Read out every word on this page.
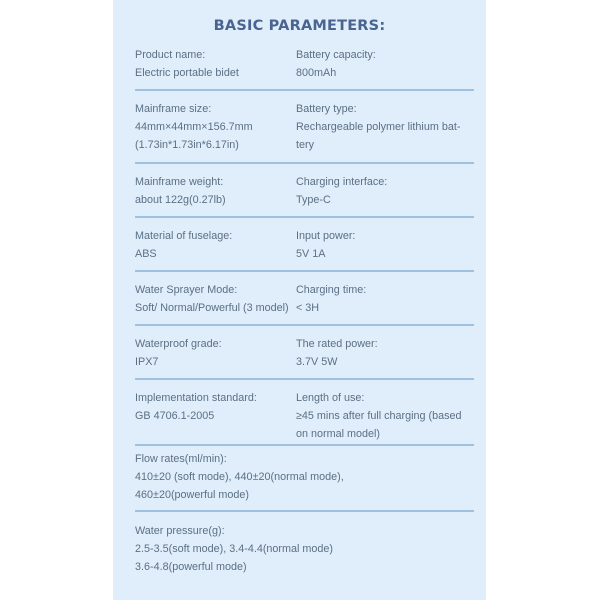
BASIC PARAMETERS:
Product name:
Electric portable bidet
Battery capacity:
800mAh
Mainframe size:
44mm×44mm×156.7mm
(1.73in*1.73in*6.17in)
Battery type:
Rechargeable polymer lithium bat-
tery
Mainframe weight:
about 122g(0.27lb)
Charging interface:
Type-C
Material of fuselage:
ABS
Input power:
5V 1A
Water Sprayer Mode:
Soft/ Normal/Powerful (3 model)
Charging time:
< 3H
Waterproof grade:
IPX7
The rated power:
3.7V 5W
Implementation standard:
GB 4706.1-2005
Length of use:
≥45 mins after full charging (based
on normal model)
Flow rates(ml/min):
410±20 (soft mode), 440±20(normal mode),
460±20(powerful mode)
Water pressure(g):
2.5-3.5(soft mode), 3.4-4.4(normal mode)
3.6-4.8(powerful mode)
